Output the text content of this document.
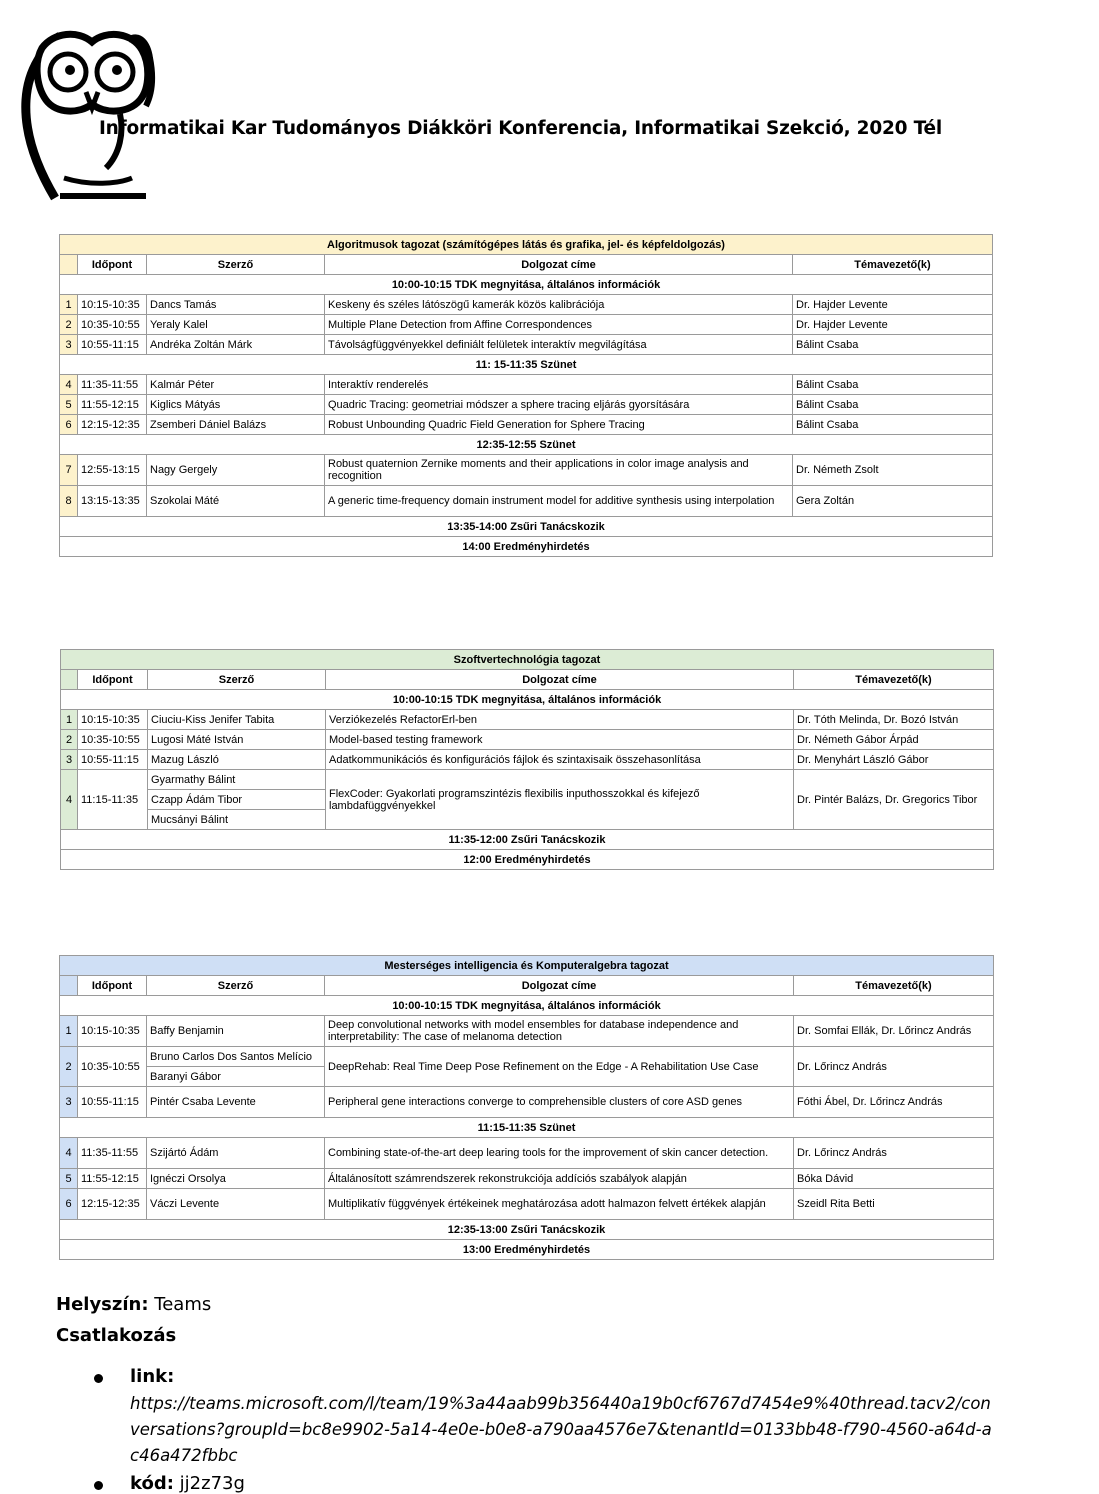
Informatikai Kar Tudományos Diákköri Konferencia, Informatikai Szekció, 2020 Tél
Algoritmusok tagozat (számítógépes látás és grafika, jel- és képfeldolgozás)				
	Időpont	Szerző	Dolgozat címe	Témavezető(k)
10:00-10:15 TDK megnyitása, általános információk				
1	10:15-10:35	Dancs Tamás	Keskeny és széles látószögű kamerák közös kalibrációja	Dr. Hajder Levente
2	10:35-10:55	Yeraly Kalel	Multiple Plane Detection from Affine Correspondences	Dr. Hajder Levente
3	10:55-11:15	Andréka Zoltán Márk	Távolságfüggvényekkel definiált felületek interaktív megvilágítása	Bálint Csaba
11: 15-11:35 Szünet				
4	11:35-11:55	Kalmár Péter	Interaktív renderelés	Bálint Csaba
5	11:55-12:15	Kiglics Mátyás	Quadric Tracing: geometriai módszer a sphere tracing eljárás gyorsítására	Bálint Csaba
6	12:15-12:35	Zsemberi Dániel Balázs	Robust Unbounding Quadric Field Generation for Sphere Tracing	Bálint Csaba
12:35-12:55 Szünet				
7	12:55-13:15	Nagy Gergely	Robust quaternion Zernike moments and their applications in color image analysis and recognition	Dr. Németh Zsolt
8	13:15-13:35	Szokolai Máté	A generic time-frequency domain instrument model for additive synthesis using interpolation	Gera Zoltán
13:35-14:00 Zsűri Tanácskozik				
14:00 Eredményhirdetés				
Szoftvertechnológia tagozat				
	Időpont	Szerző	Dolgozat címe	Témavezető(k)
10:00-10:15 TDK megnyitása, általános információk				
1	10:15-10:35	Ciuciu-Kiss Jenifer Tabita	Verziókezelés RefactorErl-ben	Dr. Tóth Melinda, Dr. Bozó István
2	10:35-10:55	Lugosi Máté István	Model-based testing framework	Dr. Németh Gábor Árpád
3	10:55-11:15	Mazug László	Adatkommunikációs és konfigurációs fájlok és szintaxisaik összehasonlítása	Dr. Menyhárt László Gábor
4	11:15-11:35	Gyarmathy Bálint	FlexCoder: Gyakorlati programszintézis flexibilis inputhosszokkal és kifejező lambdafüggvényekkel	Dr. Pintér Balázs, Dr. Gregorics Tibor
		Czapp Ádám Tibor		
		Mucsányi Bálint		
11:35-12:00 Zsűri Tanácskozik				
12:00 Eredményhirdetés				
Mesterséges intelligencia és Komputeralgebra tagozat				
	Időpont	Szerző	Dolgozat címe	Témavezető(k)
10:00-10:15 TDK megnyitása, általános információk				
1	10:15-10:35	Baffy Benjamin	Deep convolutional networks with model ensembles for database independence and interpretability: The case of melanoma detection	Dr. Somfai Ellák, Dr. Lőrincz András
2	10:35-10:55	Bruno Carlos Dos Santos Melício	DeepRehab: Real Time Deep Pose Refinement on the Edge - A Rehabilitation Use Case	Dr. Lőrincz András
		Baranyi Gábor		
3	10:55-11:15	Pintér Csaba Levente	Peripheral gene interactions converge to comprehensible clusters of core ASD genes	Fóthi Ábel, Dr. Lőrincz András
11:15-11:35 Szünet				
4	11:35-11:55	Szijártó Ádám	Combining state-of-the-art deep learing tools for the improvement of skin cancer detection.	Dr. Lőrincz András
5	11:55-12:15	Ignéczi Orsolya	Általánosított számrendszerek rekonstrukciója addíciós szabályok alapján	Bóka Dávid
6	12:15-12:35	Váczi Levente	Multiplikatív függvények értékeinek meghatározása adott halmazon felvett értékek alapján	Szeidl Rita Betti
12:35-13:00 Zsűri Tanácskozik				
13:00 Eredményhirdetés				
Helyszín: Teams
Csatlakozás
link:
https://teams.microsoft.com/l/team/19%3a44aab99b356440a19b0cf6767d7454e9%40thread.tacv2/conversations?groupId=bc8e9902-5a14-4e0e-b0e8-a790aa4576e7&tenantId=0133bb48-f790-4560-a64d-ac46a472fbbc
kód: jj2z73g
